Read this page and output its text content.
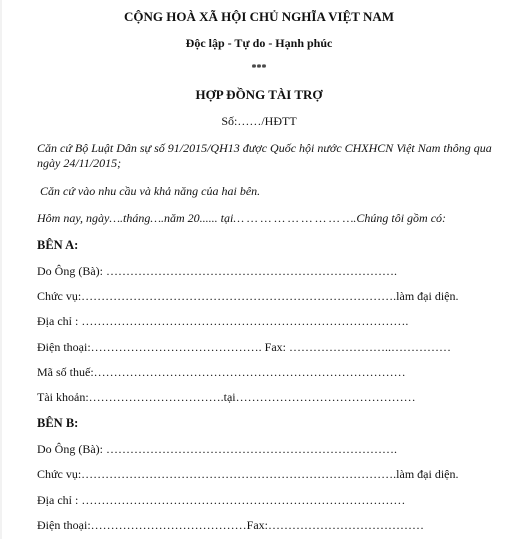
CỘNG HOÀ XÃ HỘI CHỦ NGHĨA VIỆT NAM
Độc lập - Tự do - Hạnh phúc
***
HỢP ĐỒNG TÀI TRỢ
Số:……/HĐTT
Căn cứ Bộ Luật Dân sự số 91/2015/QH13 được Quốc hội nước CHXHCN Việt Nam thông qua
ngày 24/11/2015;
Căn cứ vào nhu cầu và khả năng của hai bên.
Hôm nay, ngày….tháng….năm 20...... tại… … … … … … … … ….Chúng tôi gồm có:
BÊN A:
Do Ông (Bà): ……………………………………………………………….
Chức vụ:…………………………………………………………………….làm đại diện.
Địa chỉ : ……………………………………………………………………….
Điện thoại:……………………………………. Fax: ……………………..……………
Mã số thuế:……………………………………………………………………
Tài khoản:…………………………….tại………………………………………
BÊN B:
Do Ông (Bà): ……………………………………………………………….
Chức vụ:…………………………………………………………………….làm đại diện.
Địa chỉ : ………………………………………………………………………
Điện thoại:…………………………………Fax:…………………………………
